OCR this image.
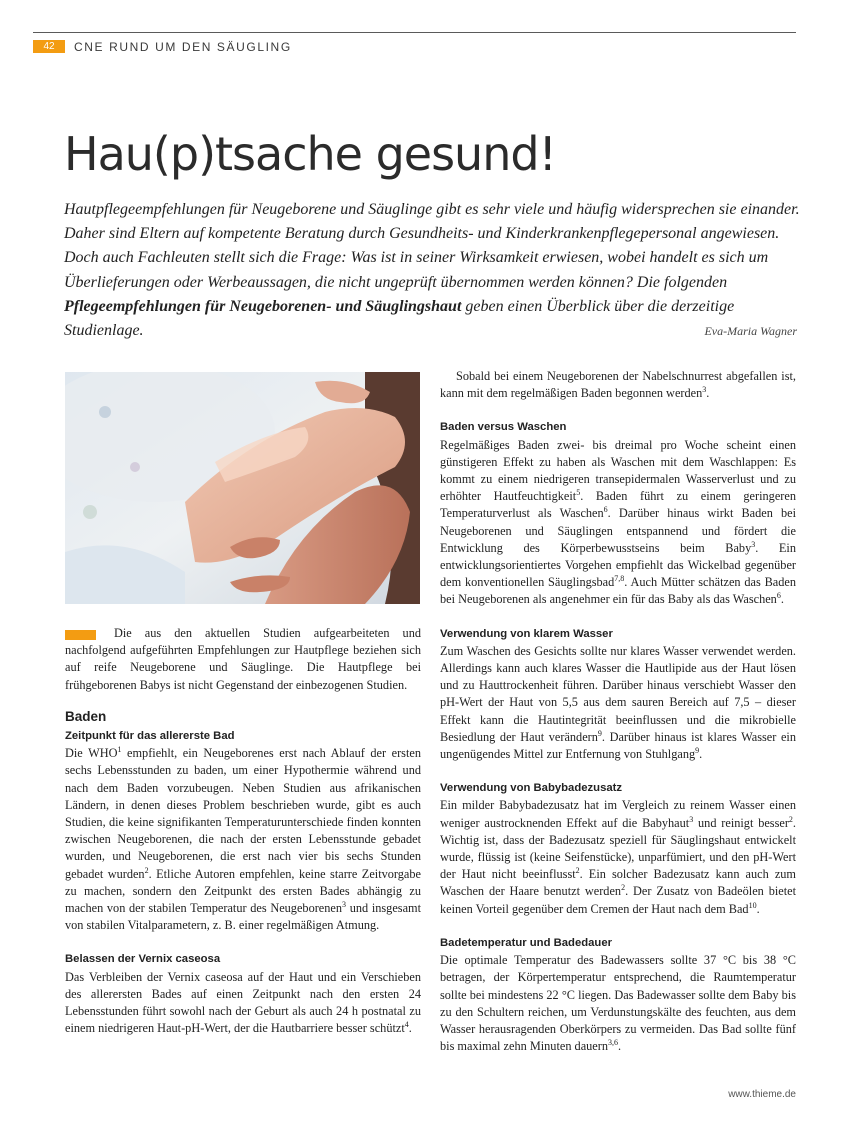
42	CNE RUND UM DEN SÄUGLING
Hau(p)tsache gesund!
Hautpflegeempfehlungen für Neugeborene und Säuglinge gibt es sehr viele und häufig widersprechen sie einander. Daher sind Eltern auf kompetente Beratung durch Gesundheits- und Kinderkrankenpflegepersonal angewiesen. Doch auch Fachleuten stellt sich die Frage: Was ist in seiner Wirksamkeit erwiesen, wobei handelt es sich um Überlieferungen oder Werbeaussagen, die nicht ungeprüft übernommen werden können? Die folgenden Pflegeempfehlungen für Neugeborenen- und Säuglingshaut geben einen Überblick über die derzeitige Studienlage.	Eva-Maria Wagner
Die aus den aktuellen Studien aufgearbeiteten und nachfolgend aufgeführten Empfehlungen zur Hautpflege beziehen sich auf reife Neugeborene und Säuglinge. Die Hautpflege bei frühgeborenen Babys ist nicht Gegenstand der einbezogenen Studien.
Baden
Zeitpunkt für das allererste Bad

Die WHO$^1$ empfiehlt, ein Neugeborenes erst nach Ablauf der ersten sechs Lebensstunden zu baden, um einer Hypothermie während und nach dem Baden vorzubeugen. Neben Studien aus afrikanischen Ländern, in denen dieses Problem beschrieben wurde, gibt es auch Studien, die keine signifikanten Temperaturunterschiede finden konnten zwischen Neugeborenen, die nach der ersten Lebensstunde gebadet wurden, und Neugeborenen, die erst nach vier bis sechs Stunden gebadet wurden$^2$. Etliche Autoren empfehlen, keine starre Zeitvorgabe zu machen, sondern den Zeitpunkt des ersten Bades abhängig zu machen von der stabilen Temperatur des Neugeborenen$^3$ und insgesamt von stabilen Vitalparametern, z. B. einer regelmäßigen Atmung.

Belassen der Vernix caseosa

Das Verbleiben der Vernix caseosa auf der Haut und ein Verschieben des allerersten Bades auf einen Zeitpunkt nach den ersten 24 Lebensstunden führt sowohl nach der Geburt als auch 24 h postnatal zu einem niedrigeren Haut-pH-Wert, der die Hautbarriere besser schützt$^4$.

Sobald bei einem Neugeborenen der Nabelschnurrest abgefallen ist, kann mit dem regelmäßigen Baden begonnen werden$^3$.

Baden versus Waschen

Regelmäßiges Baden zwei- bis dreimal pro Woche scheint einen günstigeren Effekt zu haben als Waschen mit dem Waschlappen: Es kommt zu einem niedrigeren transepidermalen Wasserverlust und zu erhöhter Hautfeuchtigkeit$^5$. Baden führt zu einem geringeren Temperaturverlust als Waschen$^6$. Darüber hinaus wirkt Baden bei Neugeborenen und Säuglingen entspannend und fördert die Entwicklung des Körperbewusstseins beim Baby$^3$. Ein entwicklungsorientiertes Vorgehen empfiehlt das Wickelbad gegenüber dem konventionellen Säuglingsbad$^{7,8}$. Auch Mütter schätzen das Baden bei Neugeborenen als angenehmer ein für das Baby als das Waschen$^6$.

Verwendung von klarem Wasser

Zum Waschen des Gesichts sollte nur klares Wasser verwendet werden. Allerdings kann auch klares Wasser die Hautlipide aus der Haut lösen und zu Hauttrockenheit führen. Darüber hinaus verschiebt Wasser den pH-Wert der Haut von 5,5 aus dem sauren Bereich auf 7,5 – dieser Effekt kann die Hautintegrität beeinflussen und die mikrobielle Besiedlung der Haut verändern$^9$. Darüber hinaus ist klares Wasser ein ungenügendes Mittel zur Entfernung von Stuhlgang$^9$.

Verwendung von Babybadezusatz

Ein milder Babybadezusatz hat im Vergleich zu reinem Wasser einen weniger austrocknenden Effekt auf die Babyhaut$^3$ und reinigt besser$^2$. Wichtig ist, dass der Badezusatz speziell für Säuglingshaut entwickelt wurde, flüssig ist (keine Seifenstücke), unparfümiert, und den pH-Wert der Haut nicht beeinflusst$^2$. Ein solcher Badezusatz kann auch zum Waschen der Haare benutzt werden$^2$. Der Zusatz von Badeölen bietet keinen Vorteil gegenüber dem Cremen der Haut nach dem Bad$^{10}$.

Badetemperatur und Badedauer

Die optimale Temperatur des Badewassers sollte 37 °C bis 38 °C betragen, der Körpertemperatur entsprechend, die Raumtemperatur sollte bei mindestens 22 °C liegen. Das Badewasser sollte dem Baby bis zu den Schultern reichen, um Verdunstungskälte des feuchten, aus dem Wasser herausragenden Oberkörpers zu vermeiden. Das Bad sollte fünf bis maximal zehn Minuten dauern$^{3,6}$.

www.thieme.de
